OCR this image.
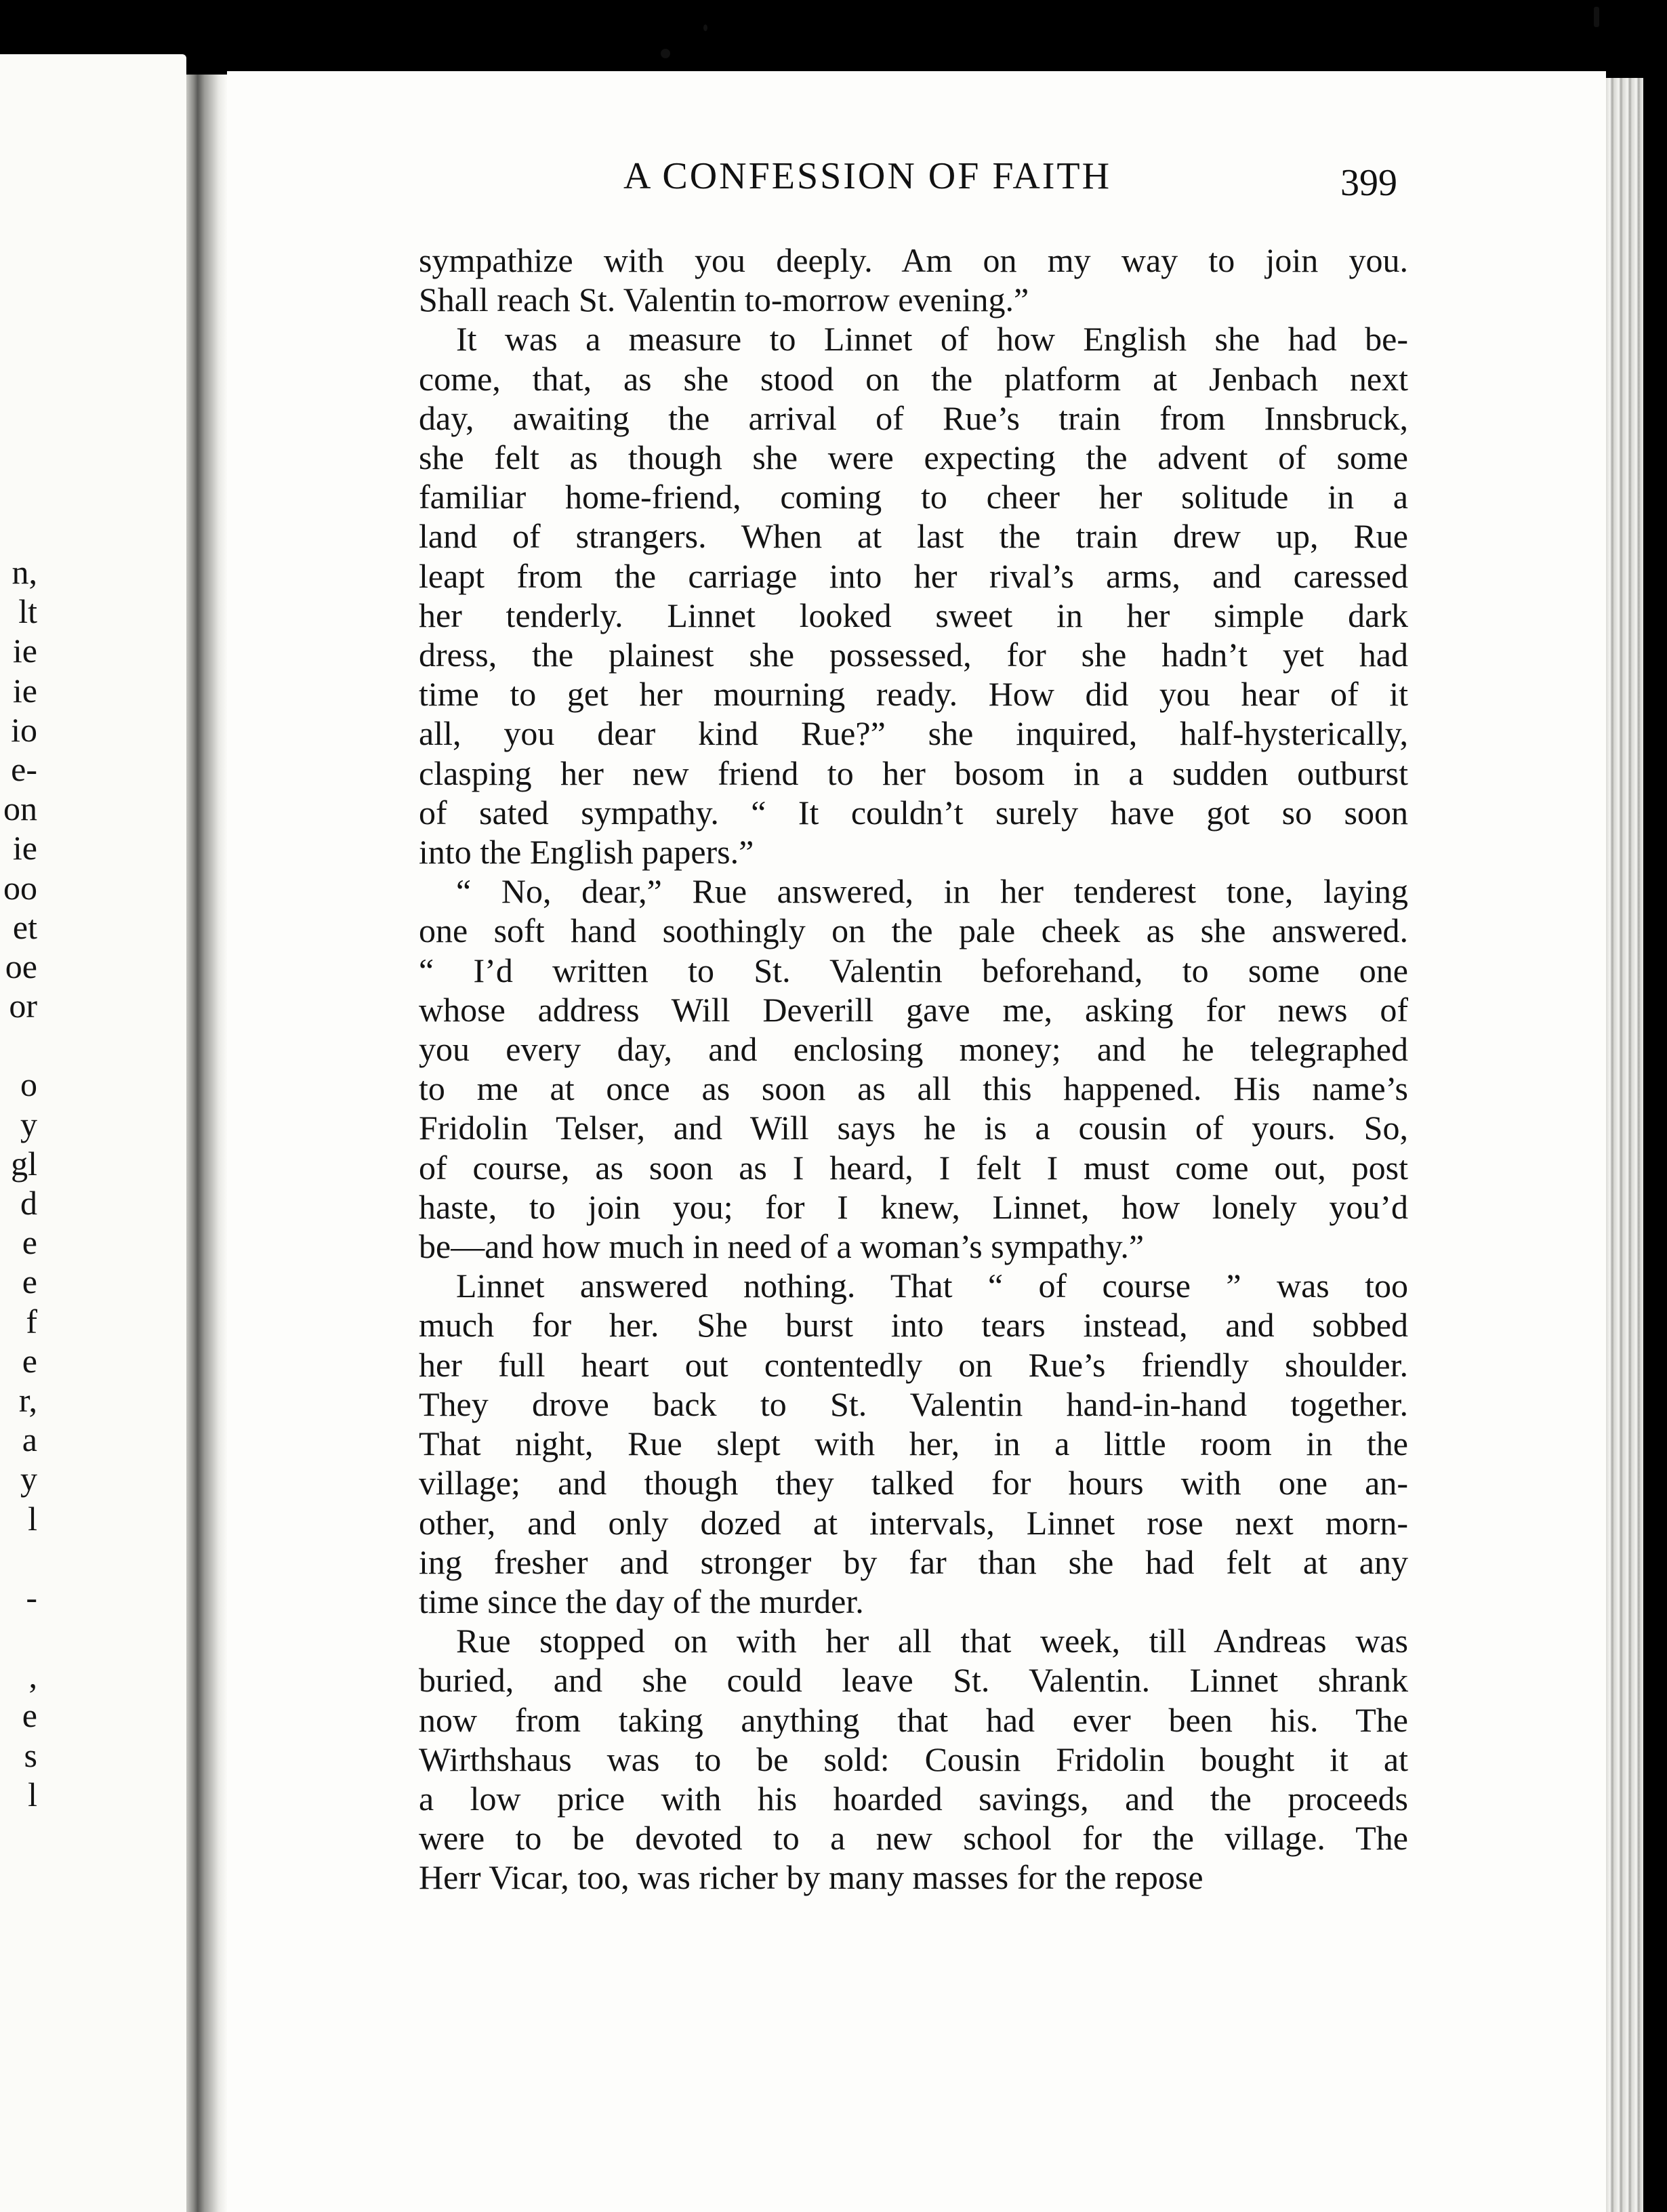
n,
lt
ie
ie
io
e-
on
ie
oo
et
oe
or
o
y
gl
d
e
e
f
e
r,
a
y
l
-
,
e
s
l
A CONFESSION OF FAITH	399

sympathize with you deeply. Am on my way to join you.
Shall reach St. Valentin to-morrow evening.”

It was a measure to Linnet of how English she had be-
come, that, as she stood on the platform at Jenbach next
day, awaiting the arrival of Rue’s train from Innsbruck,
she felt as though she were expecting the advent of some
familiar home-friend, coming to cheer her solitude in a
land of strangers. When at last the train drew up, Rue
leapt from the carriage into her rival’s arms, and caressed
her tenderly. Linnet looked sweet in her simple dark
dress, the plainest she possessed, for she hadn’t yet had
time to get her mourning ready. How did you hear of it
all, you dear kind Rue?” she inquired, half-hysterically,
clasping her new friend to her bosom in a sudden outburst
of sated sympathy. “ It couldn’t surely have got so soon
into the English papers.”

“ No, dear,” Rue answered, in her tenderest tone, laying
one soft hand soothingly on the pale cheek as she answered.
“ I’d written to St. Valentin beforehand, to some one
whose address Will Deverill gave me, asking for news of
you every day, and enclosing money; and he telegraphed
to me at once as soon as all this happened. His name’s
Fridolin Telser, and Will says he is a cousin of yours. So,
of course, as soon as I heard, I felt I must come out, post
haste, to join you; for I knew, Linnet, how lonely you’d
be—and how much in need of a woman’s sympathy.”

Linnet answered nothing. That “ of course ” was too
much for her. She burst into tears instead, and sobbed
her full heart out contentedly on Rue’s friendly shoulder.
They drove back to St. Valentin hand-in-hand together.
That night, Rue slept with her, in a little room in the
village; and though they talked for hours with one an-
other, and only dozed at intervals, Linnet rose next morn-
ing fresher and stronger by far than she had felt at any
time since the day of the murder.

Rue stopped on with her all that week, till Andreas was
buried, and she could leave St. Valentin. Linnet shrank
now from taking anything that had ever been his. The
Wirthshaus was to be sold: Cousin Fridolin bought it at
a low price with his hoarded savings, and the proceeds
were to be devoted to a new school for the village. The
Herr Vicar, too, was richer by many masses for the repose
